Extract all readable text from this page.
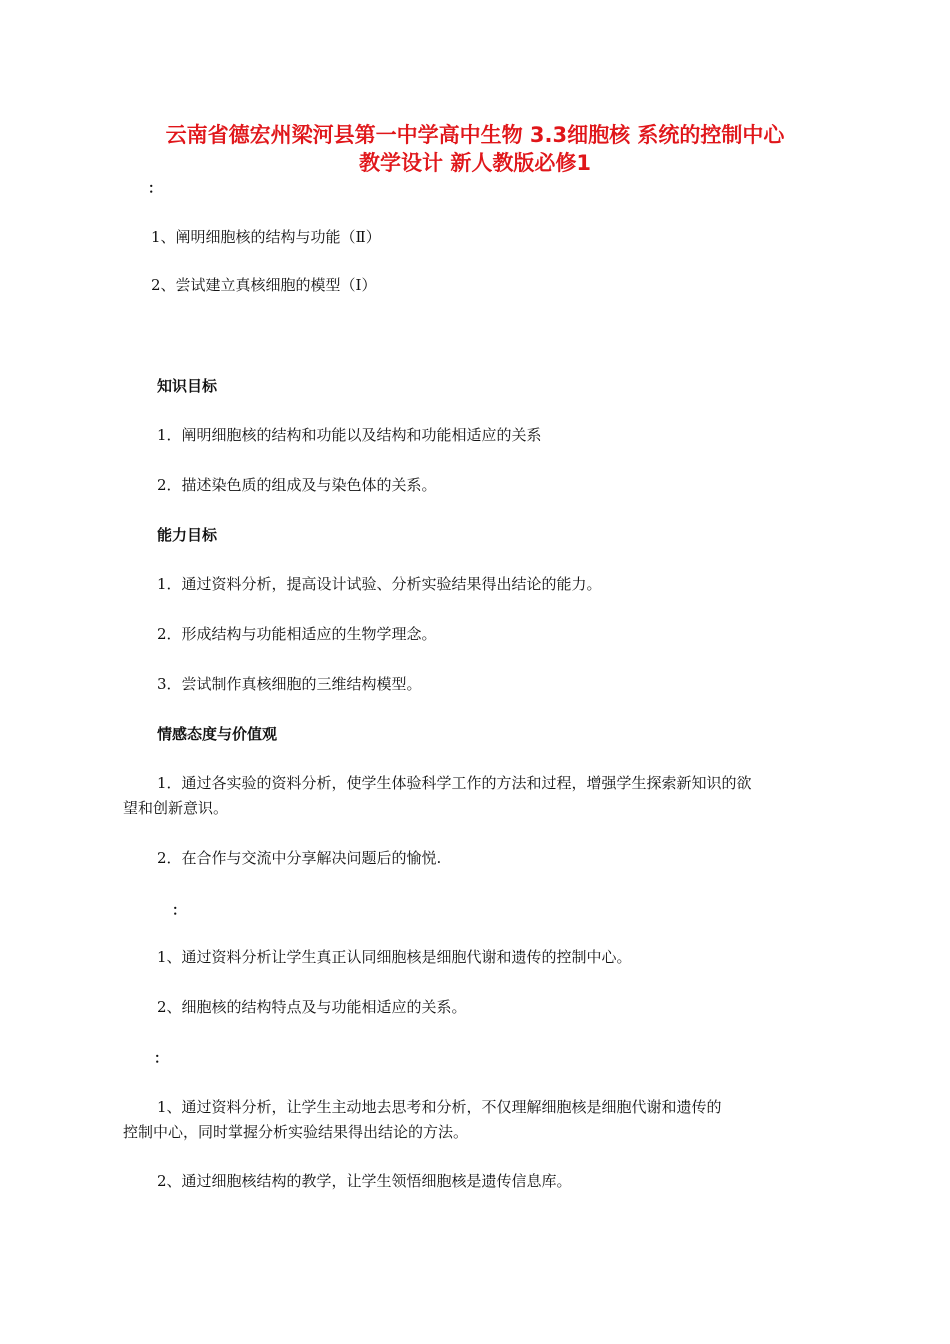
云南省德宏州梁河县第一中学高中生物 3.3细胞核 系统的控制中心
教学设计 新人教版必修1
：
1、阐明细胞核的结构与功能（Ⅱ）
2、尝试建立真核细胞的模型（Ⅰ）
知识目标
1．阐明细胞核的结构和功能以及结构和功能相适应的关系
2．描述染色质的组成及与染色体的关系。
能力目标
1．通过资料分析，提高设计试验、分析实验结果得出结论的能力。
2．形成结构与功能相适应的生物学理念。
3．尝试制作真核细胞的三维结构模型。
情感态度与价值观
1．通过各实验的资料分析，使学生体验科学工作的方法和过程，增强学生探索新知识的欲
望和创新意识。
2．在合作与交流中分享解决问题后的愉悦.
：
1、通过资料分析让学生真正认同细胞核是细胞代谢和遗传的控制中心。
2、细胞核的结构特点及与功能相适应的关系。
：
1、通过资料分析，让学生主动地去思考和分析，不仅理解细胞核是细胞代谢和遗传的
控制中心，同时掌握分析实验结果得出结论的方法。
2、通过细胞核结构的教学，让学生领悟细胞核是遗传信息库。
